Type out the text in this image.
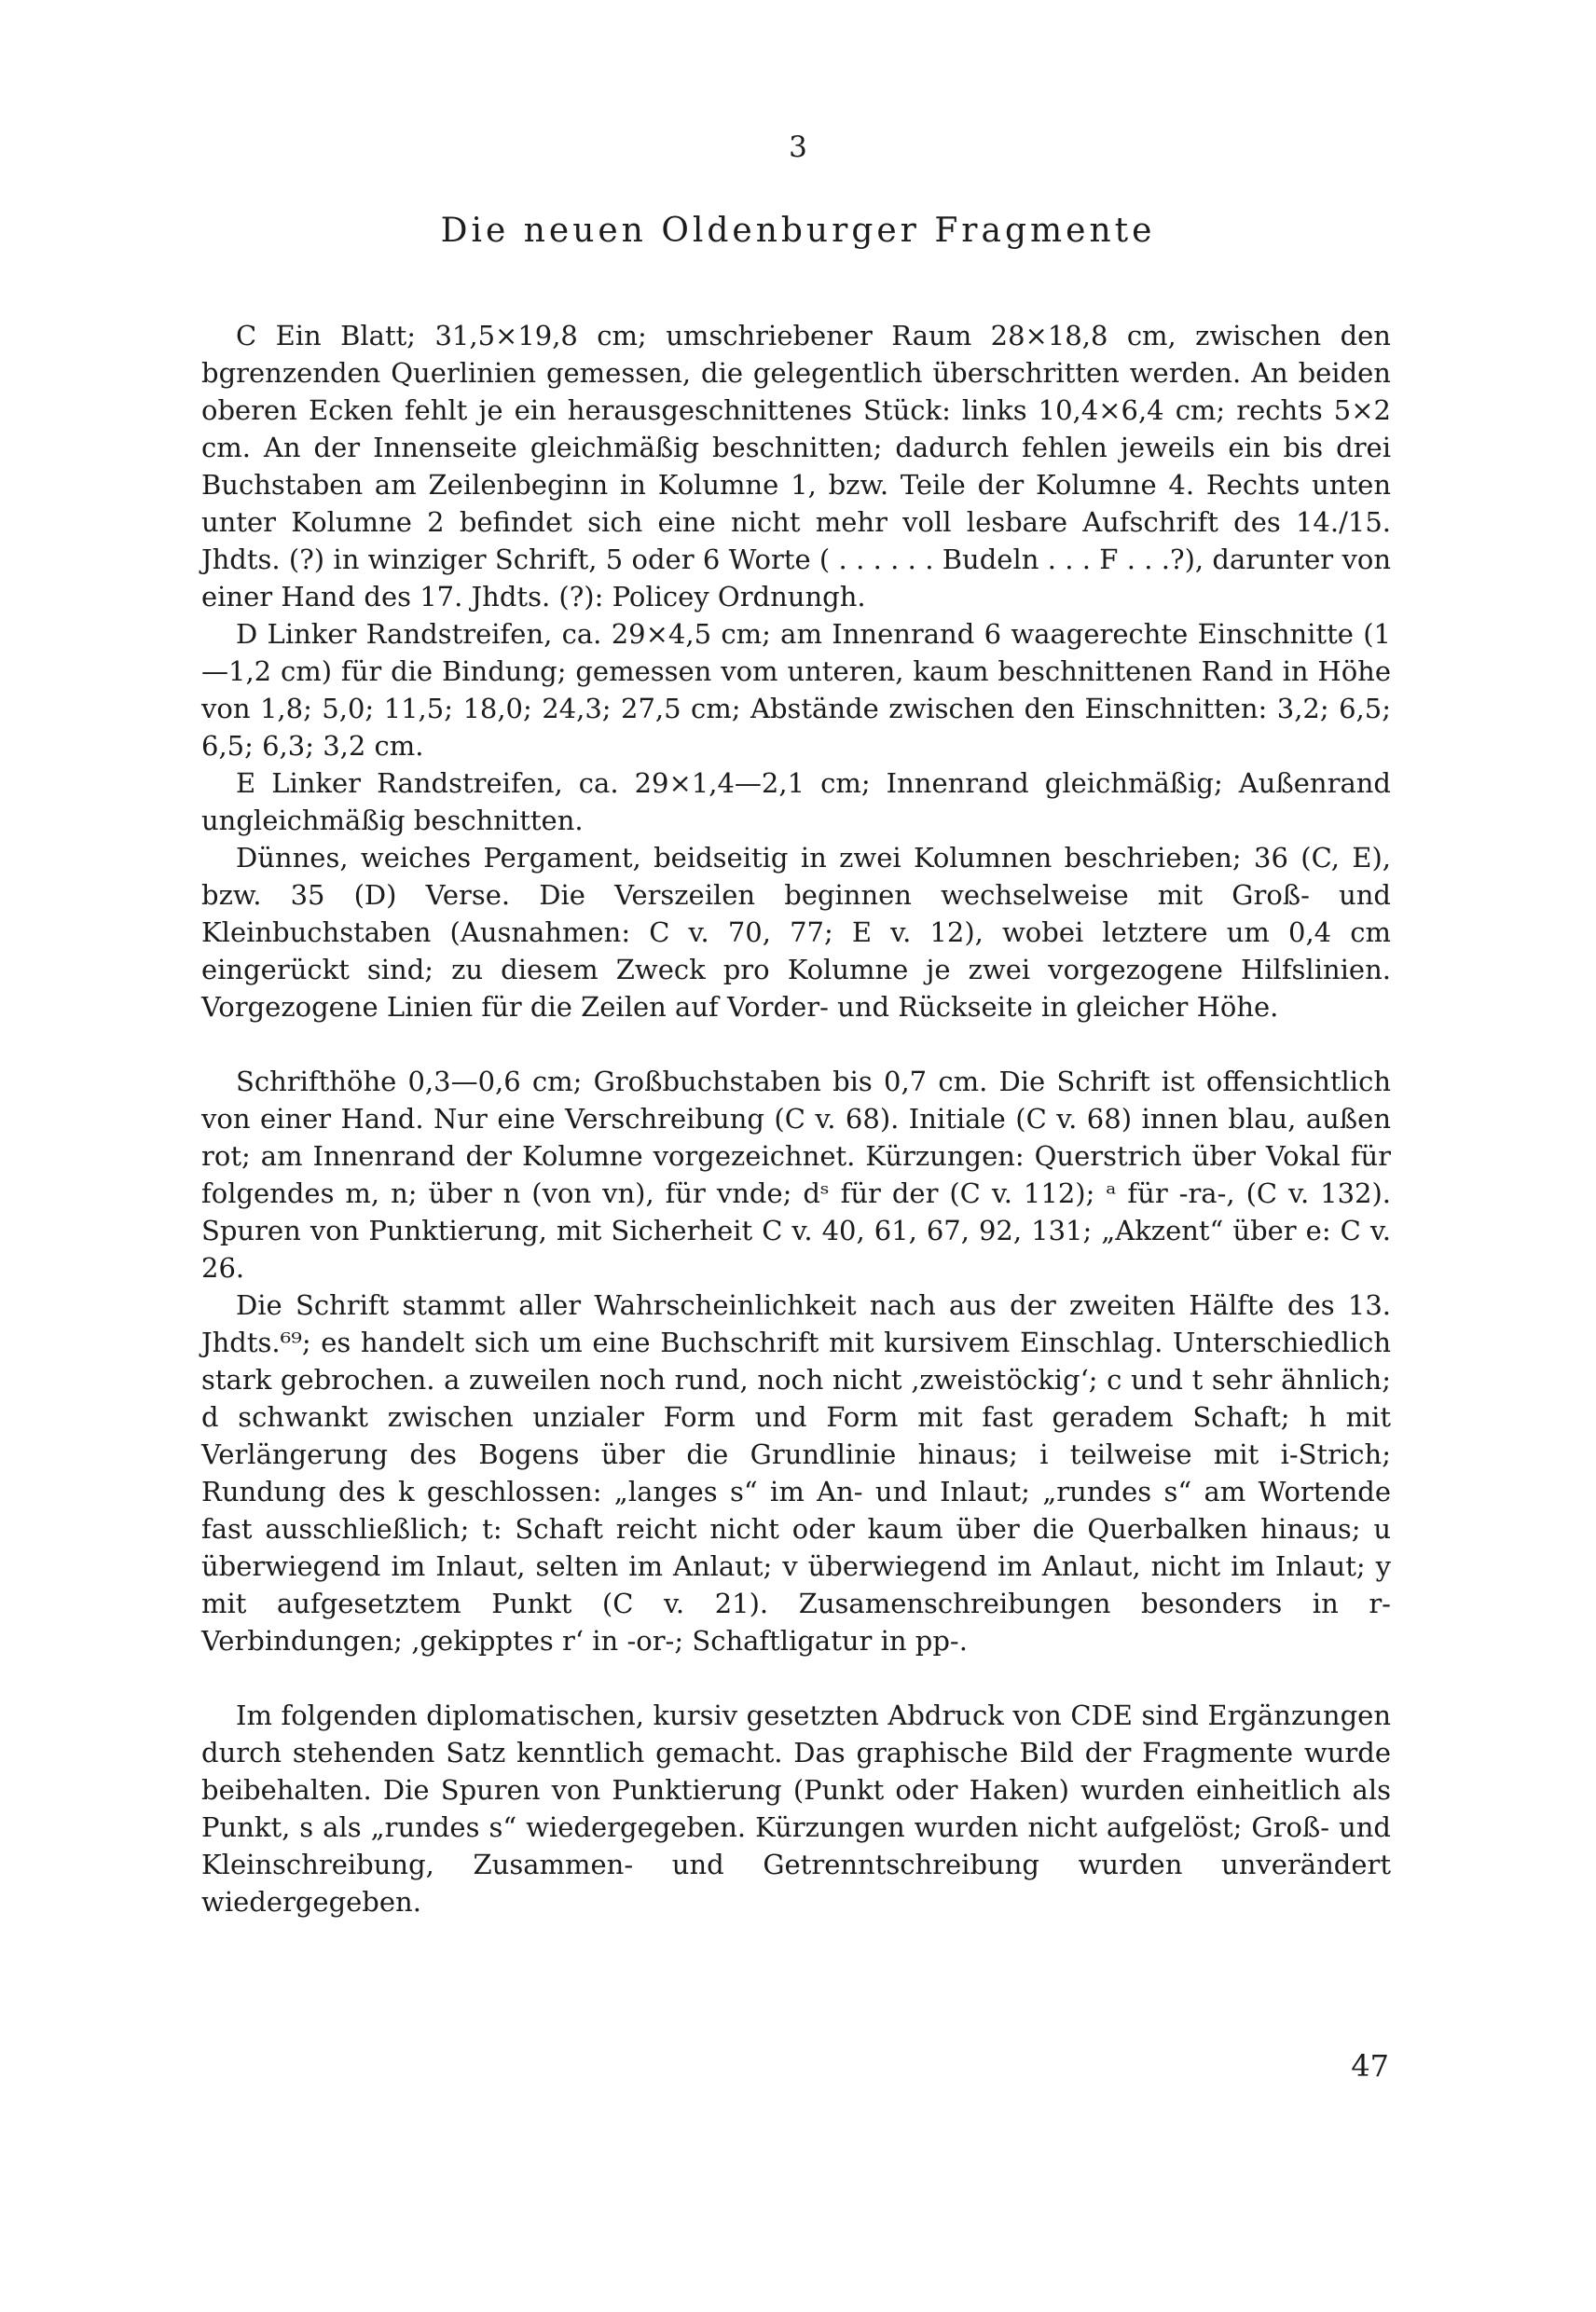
3
Die neuen Oldenburger Fragmente

C Ein Blatt; 31,5×19,8 cm; umschriebener Raum 28×18,8 cm, zwischen den bgrenzenden Querlinien gemessen, die gelegentlich überschritten werden. An beiden oberen Ecken fehlt je ein herausgeschnittenes Stück: links 10,4×6,4 cm; rechts 5×2 cm. An der Innenseite gleichmäßig beschnitten; dadurch fehlen jeweils ein bis drei Buchstaben am Zeilenbeginn in Kolumne 1, bzw. Teile der Kolumne 4. Rechts unten unter Kolumne 2 befindet sich eine nicht mehr voll lesbare Aufschrift des 14./15. Jhdts. (?) in winziger Schrift, 5 oder 6 Worte ( . . . . . . Budeln . . . F . . .?), darunter von einer Hand des 17. Jhdts. (?): Policey Ordnungh.

D Linker Randstreifen, ca. 29×4,5 cm; am Innenrand 6 waagerechte Einschnitte (1—1,2 cm) für die Bindung; gemessen vom unteren, kaum beschnittenen Rand in Höhe von 1,8; 5,0; 11,5; 18,0; 24,3; 27,5 cm; Abstände zwischen den Einschnitten: 3,2; 6,5; 6,5; 6,3; 3,2 cm.

E Linker Randstreifen, ca. 29×1,4—2,1 cm; Innenrand gleichmäßig; Außenrand ungleichmäßig beschnitten.

Dünnes, weiches Pergament, beidseitig in zwei Kolumnen beschrieben; 36 (C, E), bzw. 35 (D) Verse. Die Verszeilen beginnen wechselweise mit Groß- und Kleinbuchstaben (Ausnahmen: C v. 70, 77; E v. 12), wobei letztere um 0,4 cm eingerückt sind; zu diesem Zweck pro Kolumne je zwei vorgezogene Hilfslinien. Vorgezogene Linien für die Zeilen auf Vorder- und Rückseite in gleicher Höhe.

Schrifthöhe 0,3—0,6 cm; Großbuchstaben bis 0,7 cm. Die Schrift ist offensichtlich von einer Hand. Nur eine Verschreibung (C v. 68). Initiale (C v. 68) innen blau, außen rot; am Innenrand der Kolumne vorgezeichnet. Kürzungen: Querstrich über Vokal für folgendes m, n; über n (von vn), für vnde; dˢ für der (C v. 112); ᵃ für -ra-, (C v. 132). Spuren von Punktierung, mit Sicherheit C v. 40, 61, 67, 92, 131; „Akzent“ über e: C v. 26.

Die Schrift stammt aller Wahrscheinlichkeit nach aus der zweiten Hälfte des 13. Jhdts.⁶⁹; es handelt sich um eine Buchschrift mit kursivem Einschlag. Unterschiedlich stark gebrochen. a zuweilen noch rund, noch nicht ‚zweistöckig‘; c und t sehr ähnlich; d schwankt zwischen unzialer Form und Form mit fast geradem Schaft; h mit Verlängerung des Bogens über die Grundlinie hinaus; i teilweise mit i-Strich; Rundung des k geschlossen: „langes s“ im An- und Inlaut; „rundes s“ am Wortende fast ausschließlich; t: Schaft reicht nicht oder kaum über die Querbalken hinaus; u überwiegend im Inlaut, selten im Anlaut; v überwiegend im Anlaut, nicht im Inlaut; y mit aufgesetztem Punkt (C v. 21). Zusamenschreibungen besonders in r-Verbindungen; ‚gekipptes r‘ in -or-; Schaftligatur in pp-.

Im folgenden diplomatischen, kursiv gesetzten Abdruck von CDE sind Ergänzungen durch stehenden Satz kenntlich gemacht. Das graphische Bild der Fragmente wurde beibehalten. Die Spuren von Punktierung (Punkt oder Haken) wurden einheitlich als Punkt, s als „rundes s“ wiedergegeben. Kürzungen wurden nicht aufgelöst; Groß- und Kleinschreibung, Zusammen- und Getrenntschreibung wurden unverändert wiedergegeben.

47
